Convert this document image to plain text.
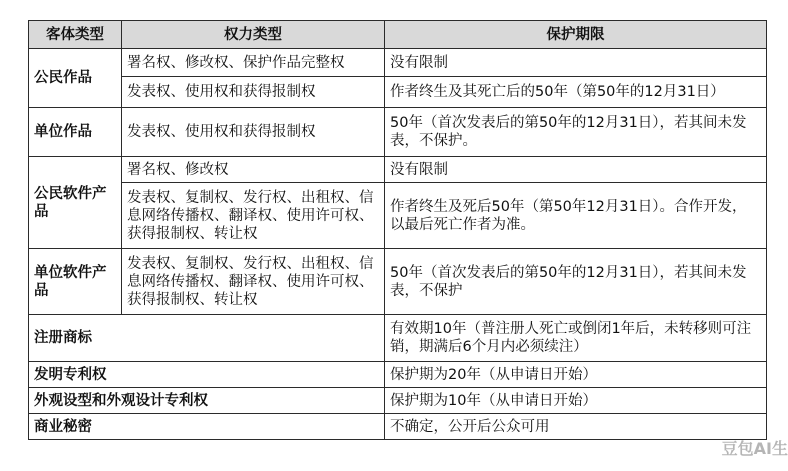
客体类型	权力类型	保护期限
公民作品	署名权、修改权、保护作品完整权	没有限制
	发表权、使用权和获得报制权	作者终生及其死亡后的50年（第50年的12月31日）
单位作品	发表权、使用权和获得报制权	50年（首次发表后的第50年的12月31日），若其间未发表，不保护。
公民软件产品	署名权、修改权	没有限制
	发表权、复制权、发行权、出租权、信息网络传播权、翻译权、使用许可权、获得报制权、转让权	作者终生及死后50年（第50年12月31日）。合作开发，以最后死亡作者为准。
单位软件产品	发表权、复制权、发行权、出租权、信息网络传播权、翻译权、使用许可权、获得报制权、转让权	50年（首次发表后的第50年的12月31日），若其间未发表，不保护
注册商标		有效期10年（普注册人死亡或倒闭1年后，未转移则可注销，期满后6个月内必须续注）
发明专利权		保护期为20年（从申请日开始）
外观设型和外观设计专利权		保护期为10年（从申请日开始）
商业秘密		不确定，公开后公众可用
豆包AI生
